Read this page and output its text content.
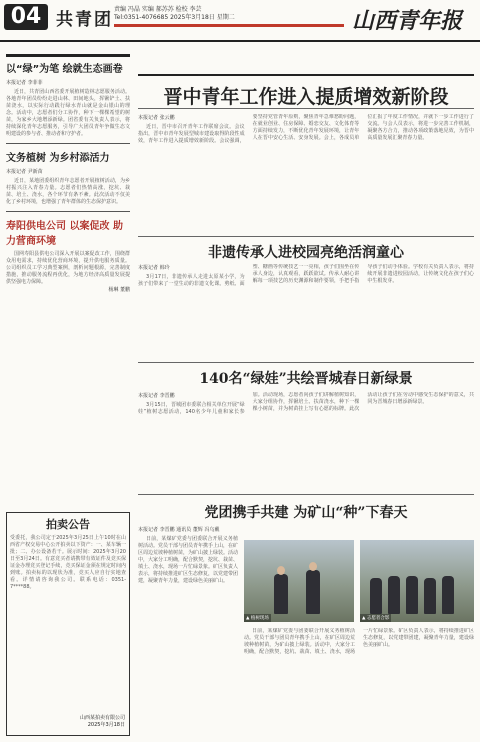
04 共青团
责编 冯晶 实编 郝苏苏 检校 李芸
Tel:0351-4076685 2025年3月18日 星期二	山西青年报
以“绿”为笔 绘就生态画卷
本报记者 李菲菲

近日，共青团山西省委开展植树造林志愿服务活动。各地青年团员纷纷走进山林、田间地头，挥锹铲土、扶苗浇水，以实际行动践行绿水青山就是金山银山的理念。活动中，志愿者们分工协作，种下一棵棵希望的树苗，为家乡大地增添新绿。团省委有关负责人表示，将持续深化青年志愿服务，引导广大团员青年争做生态文明建设的参与者、推动者和守护者。

文务植树 为乡村添活力
本报记者 尹新苗

近日，某地团委组织青年志愿者开展植树活动，为乡村振兴注入青春力量。志愿者们热情高涨，挖坑、栽苗、培土、浇水，各个环节有条不紊。此次活动不仅美化了乡村环境，也增强了青年群体的生态保护意识。

寿阳供电公司 以案促改 助力营商环境

国网寿阳县供电公司深入开展以案促改工作，围绕群众用电需求，持续优化营商环境，提升供电服务质量。公司组织员工学习典型案例，剖析问题根源，完善制度措施，推动服务流程再优化，为地方经济高质量发展提供坚强电力保障。

杨琳 董鹏
拍卖公告

受委托，我公司定于2025年3月25日上午10时在山西省产权交易中心公开拍卖以下资产：一、某车辆一批；二、办公设备若干。展示时间：2025年3月20日至3月24日。有意竞买者请携带有效证件及竞买保证金办理竞买登记手续，竞买保证金须在规定时间内到账。拍卖标的以现状为准，竞买人应自行实地查看。详情请咨询我公司。联系电话：0351-7****88。

山西某拍卖有限公司
2025年3月18日
晋中青年工作进入提质增效新阶段
本报记者 张云鹏

近日，晋中市召开青年工作联席会议。会议指出，晋中市青年发展型城市建设取得阶段性成效，青年工作进入提质增效新阶段。会议强调，要坚持党管青年原则，聚焦青年急难愁盼问题，在就业创业、住房保障、婚恋交友、文化体育等方面持续发力，不断优化青年发展环境，让青年人在晋中安心生活、安身发展。会上，各成员单位汇报了年度工作情况，并就下一步工作进行了交流。与会人员表示，将进一步完善工作机制，凝聚各方合力，推动各项政策落地见效，为晋中高质量发展汇聚青春力量。

非遗传承人进校园亮绝活润童心
本报记者 韩玲

3月17日，非遗传承人走进太原某小学，为孩子们带来了一堂生动的非遗文化课。剪纸、面塑、糖画等传统技艺一一亮相，孩子们围坐在传承人身边，认真观看，跃跃欲试。传承人耐心讲解每一项技艺的历史渊源和制作要领，手把手指导孩子们动手体验。学校有关负责人表示，将持续开展非遗进校园活动，让传统文化在孩子们心中生根发芽。

140名“绿娃”共绘晋城春日新绿景
本报记者 李晋鹏

3月15日，晋城团市委联合相关单位开展“绿娃”植树志愿活动，140名少年儿童和家长参加。活动现场，志愿者向孩子们讲解植树知识，大家分组协作，挥锹培土、扶苗浇水，种下一棵棵小树苗，并为树苗挂上写有心愿的标牌。此次活动让孩子们在劳动中感受生态保护的意义，共同为晋城春日增添新绿景。

党团携手共建 为矿山“种”下春天
本报记者 李晋鹏 通讯员 董辉 冯乌戴

日前，某煤矿党委与团委联合开展义务植树活动。党员干部与团员青年携手上山，在矿区周边荒坡种植树苗，为矿山披上绿装。活动中，大家分工明确，配合默契，挖坑、栽苗、填土、浇水，现场一片忙碌景象。矿区负责人表示，将持续推进矿区生态修复，以党建带团建，凝聚青年力量，建设绿色美丽矿山。

▲ 植树现场	▲ 志愿者合影

日前，某煤矿党委与团委联合开展义务植树活动。党员干部与团员青年携手上山，在矿区周边荒坡种植树苗，为矿山披上绿装。活动中，大家分工明确，配合默契，挖坑、栽苗、填土、浇水，现场一片忙碌景象。矿区负责人表示，将持续推进矿区生态修复，以党建带团建，凝聚青年力量，建设绿色美丽矿山。
